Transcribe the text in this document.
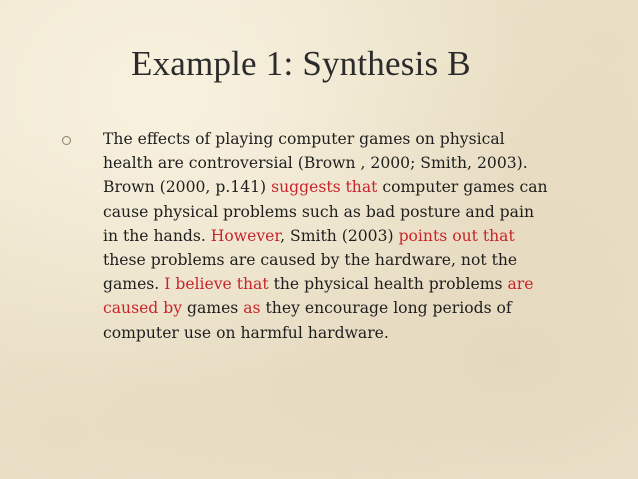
Example 1: Synthesis B
The effects of playing computer games on physical
health are controversial (Brown , 2000; Smith, 2003).
Brown (2000, p.141) suggests that computer games can
cause physical problems such as bad posture and pain
in the hands. However, Smith (2003) points out that
these problems are caused by the hardware, not the
games. I believe that the physical health problems are
caused by games as they encourage long periods of
computer use on harmful hardware.
